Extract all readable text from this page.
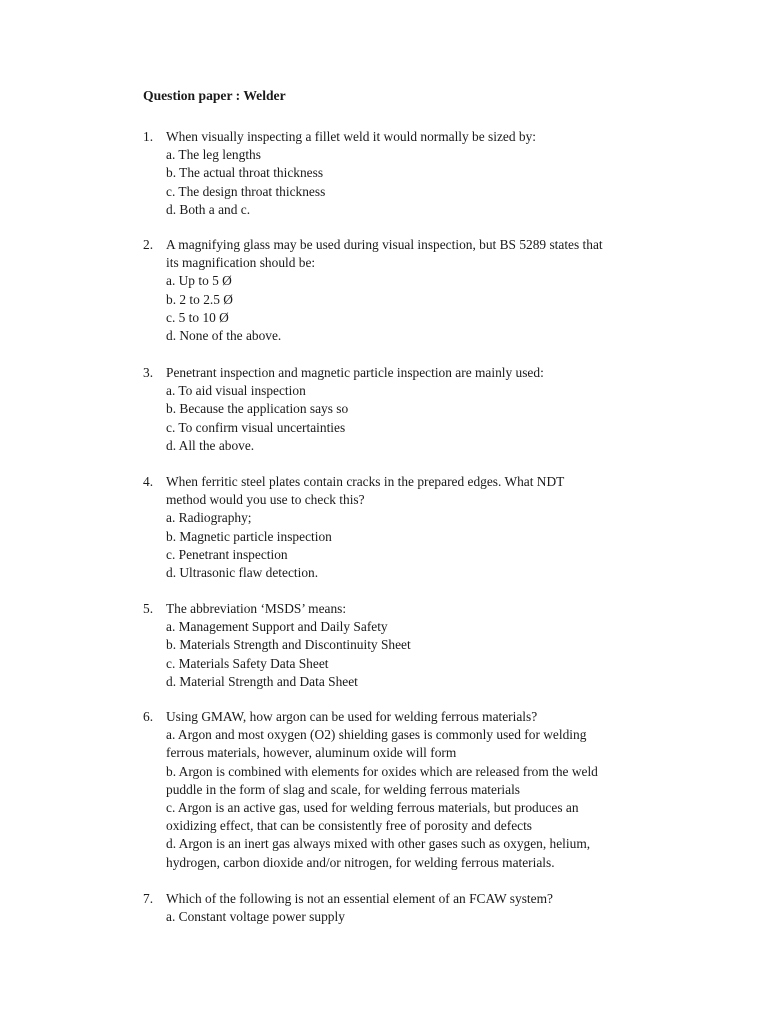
Question paper : Welder
1. When visually inspecting a fillet weld it would normally be sized by:
a. The leg lengths
b. The actual throat thickness
c. The design throat thickness
d. Both a and c.
2. A magnifying glass may be used during visual inspection, but BS 5289 states that
its magnification should be:
a. Up to 5 Ø
b. 2 to 2.5 Ø
c. 5 to 10 Ø
d. None of the above.
3. Penetrant inspection and magnetic particle inspection are mainly used:
a. To aid visual inspection
b. Because the application says so
c. To confirm visual uncertainties
d. All the above.
4. When ferritic steel plates contain cracks in the prepared edges. What NDT
method would you use to check this?
a. Radiography;
b. Magnetic particle inspection
c. Penetrant inspection
d. Ultrasonic flaw detection.
5. The abbreviation ‘MSDS’ means:
a. Management Support and Daily Safety
b. Materials Strength and Discontinuity Sheet
c. Materials Safety Data Sheet
d. Material Strength and Data Sheet
6. Using GMAW, how argon can be used for welding ferrous materials?
a. Argon and most oxygen (O2) shielding gases is commonly used for welding
ferrous materials, however, aluminum oxide will form
b. Argon is combined with elements for oxides which are released from the weld
puddle in the form of slag and scale, for welding ferrous materials
c. Argon is an active gas, used for welding ferrous materials, but produces an
oxidizing effect, that can be consistently free of porosity and defects
d. Argon is an inert gas always mixed with other gases such as oxygen, helium,
hydrogen, carbon dioxide and/or nitrogen, for welding ferrous materials.
7. Which of the following is not an essential element of an FCAW system?
a. Constant voltage power supply
